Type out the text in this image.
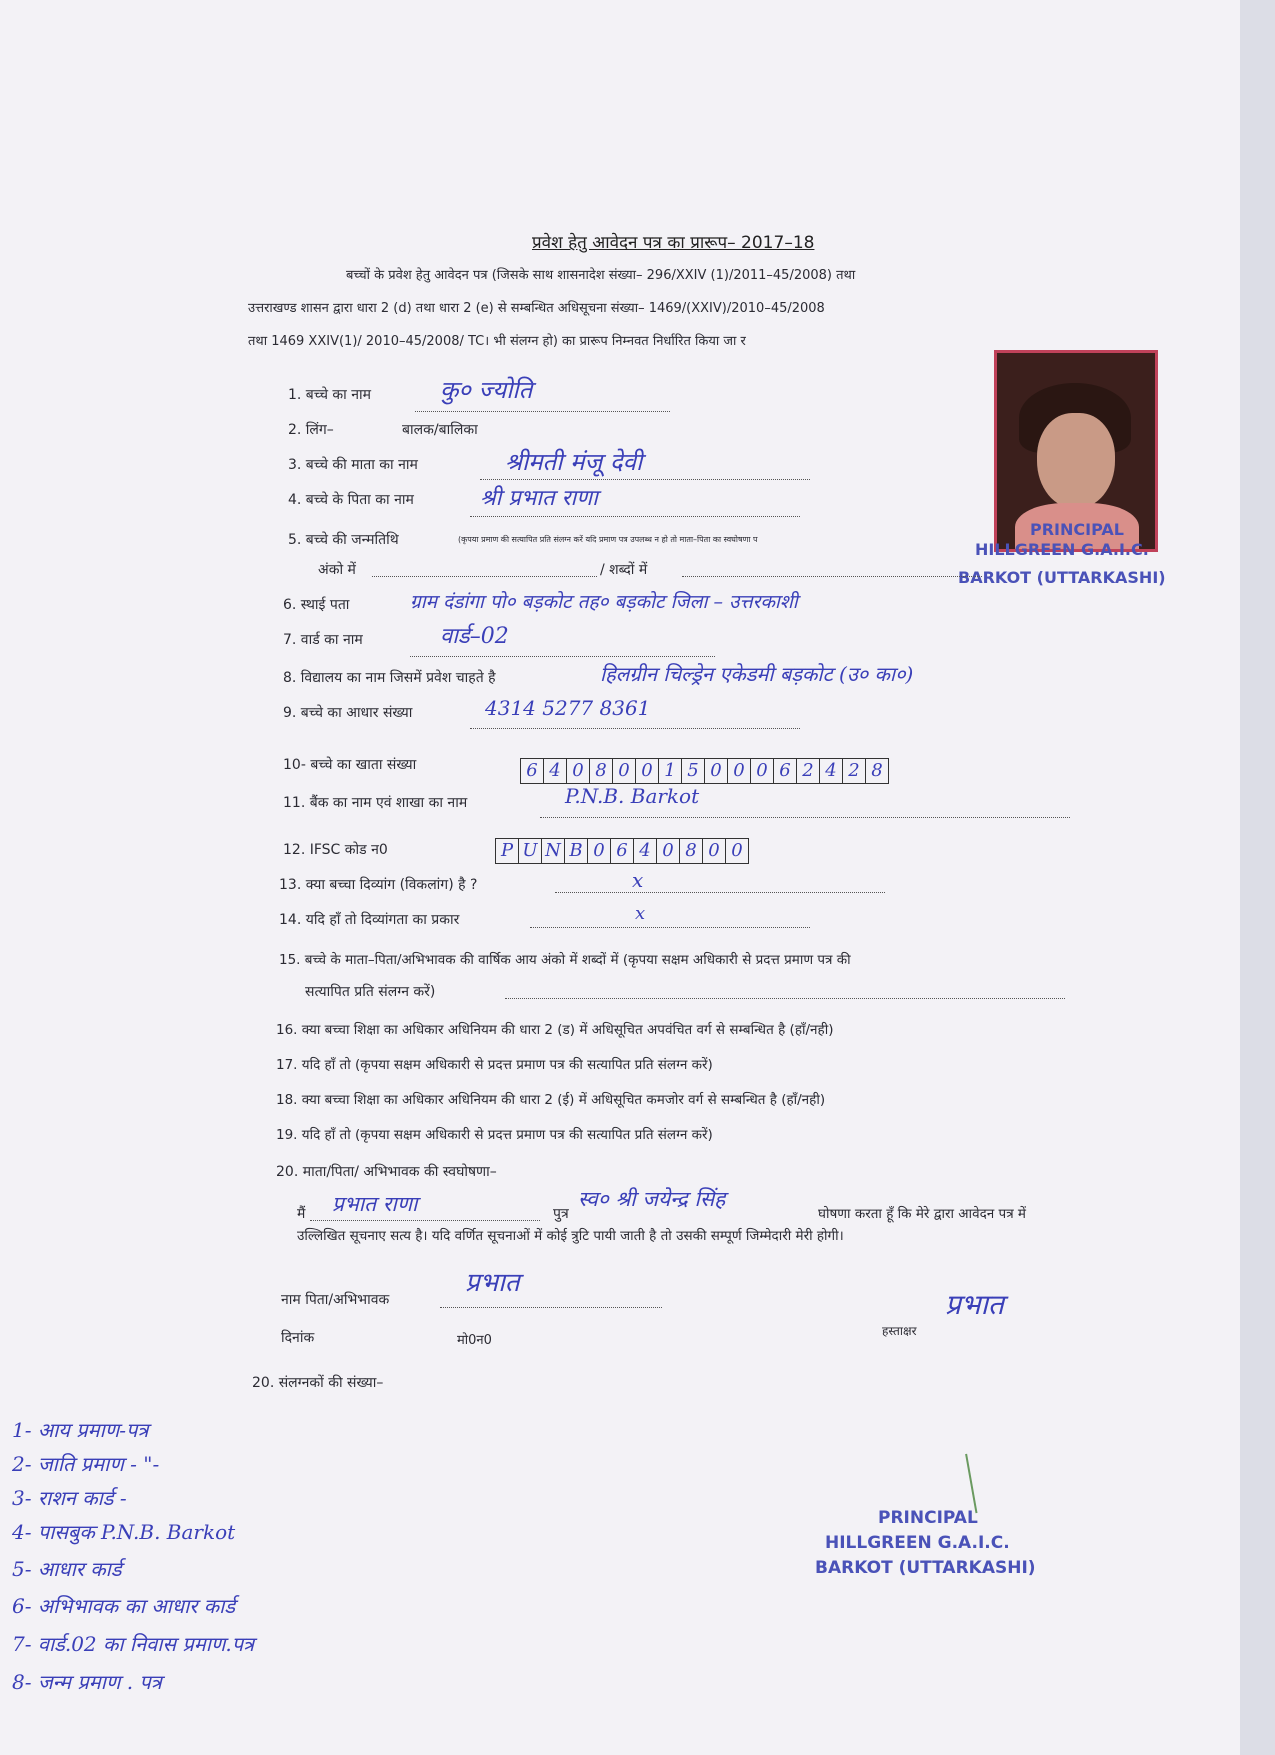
प्रवेश हेतु आवेदन पत्र का प्रारूप– 2017–18
बच्चों के प्रवेश हेतु आवेदन पत्र (जिसके साथ शासनादेश संख्या– 296/XXIV (1)/2011–45/2008) तथा
उत्तराखण्ड शासन द्वारा धारा 2 (d) तथा धारा 2 (e) से सम्बन्धित अधिसूचना संख्या– 1469/(XXIV)/2010–45/2008
तथा 1469 XXIV(1)/ 2010–45/2008/ TC। भी संलग्न हो) का प्रारूप निम्नवत निर्धारित किया जा र
PRINCIPAL
HILLGREEN G.A.I.C.
BARKOT (UTTARKASHI)
1. बच्चे का नाम	कु० ज्योति
2. लिंग–	बालक/बालिका
3. बच्चे की माता का नाम	श्रीमती मंजू देवी
4. बच्चे के पिता का नाम	श्री प्रभात राणा
5. बच्चे की जन्मतिथि	(कृपया प्रमाण की सत्यापित प्रति संलग्न करें यदि प्रमाण पत्र उपलब्ध न हो तो माता–पिता का स्वघोषणा प
अंको में	/ शब्दों में
6. स्थाई पता	ग्राम दंडांगा पो० बड़कोट तह० बड़कोट जिला – उत्तरकाशी
7. वार्ड का नाम	वार्ड–02
8. विद्यालय का नाम जिसमें प्रवेश चाहते है	हिलग्रीन चिल्ड्रेन एकेडमी बड़कोट (उ० का०)
9. बच्चे का आधार संख्या	4314 5277 8361
10- बच्चे का खाता संख्या	6 4 0 8 0 0 1 5 0 0 0 6 2 4 2 8
11. बैंक का नाम एवं शाखा का नाम	P.N.B. Barkot
12. IFSC कोड न0	P U N B 0 6 4 0 8 0 0
13. क्या बच्चा दिव्यांग (विकलांग) है ?	x
14. यदि हाँ तो दिव्यांगता का प्रकार	x
15. बच्चे के माता–पिता/अभिभावक की वार्षिक आय अंको में शब्दों में (कृपया सक्षम अधिकारी से प्रदत्त प्रमाण पत्र की
सत्यापित प्रति संलग्न करें)
16. क्या बच्चा शिक्षा का अधिकार अधिनियम की धारा 2 (ड) में अधिसूचित अपवंचित वर्ग से सम्बन्धित है (हाँ/नही)
17. यदि हाँ तो (कृपया सक्षम अधिकारी से प्रदत्त प्रमाण पत्र की सत्यापित प्रति संलग्न करें)
18. क्या बच्चा शिक्षा का अधिकार अधिनियम की धारा 2 (ई) में अधिसूचित कमजोर वर्ग से सम्बन्धित है (हाँ/नही)
19. यदि हाँ तो (कृपया सक्षम अधिकारी से प्रदत्त प्रमाण पत्र की सत्यापित प्रति संलग्न करें)
20. माता/पिता/ अभिभावक की स्वघोषणा–
मैं प्रभात राणा	पुत्र
स्व० श्री जयेन्द्र सिंह
घोषणा करता हूँ कि मेरे द्वारा आवेदन पत्र में
उल्लिखित सूचनाए सत्य है। यदि वर्णित सूचनाओं में कोई त्रुटि पायी जाती है तो उसकी सम्पूर्ण जिम्मेदारी मेरी होगी।
नाम पिता/अभिभावक
प्रभात
प्रभात
हस्ताक्षर
दिनांक	मो0न0
20. संलग्नकों की संख्या–
1- आय प्रमाण-पत्र
2- जाति प्रमाण - "-
3- राशन कार्ड -
4- पासबुक P.N.B. Barkot
5- आधार कार्ड
6- अभिभावक का आधार कार्ड
7- वार्ड.02 का निवास प्रमाण.पत्र
8- जन्म प्रमाण . पत्र
PRINCIPAL
HILLGREEN G.A.I.C.
BARKOT (UTTARKASHI)
